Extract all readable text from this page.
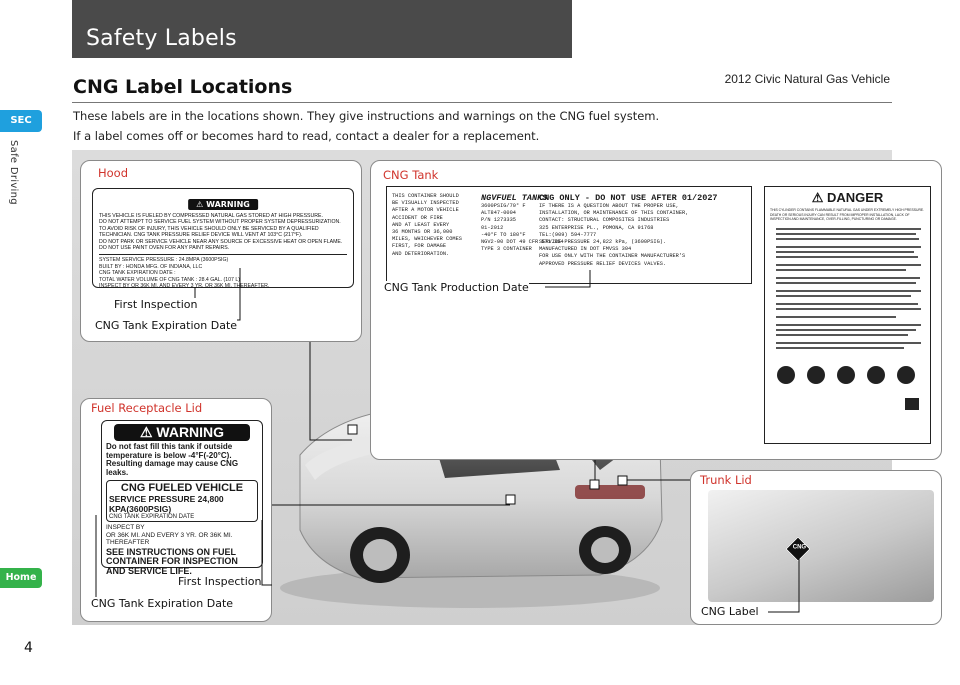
Safety Labels
2012 Civic Natural Gas Vehicle
CNG Label Locations
These labels are in the locations shown. They give instructions and warnings on the CNG fuel system.
If a label comes off or becomes hard to read, contact a dealer for a replacement.
SEC
Safe Driving
Home
4
Hood
⚠ WARNING
THIS VEHICLE IS FUELED BY COMPRESSED NATURAL GAS STORED AT HIGH PRESSURE.
DO NOT ATTEMPT TO SERVICE FUEL SYSTEM WITHOUT PROPER SYSTEM DEPRESSURIZATION.
TO AVOID RISK OF INJURY, THIS VEHICLE SHOULD ONLY BE SERVICED BY A QUALIFIED
TECHNICIAN. CNG TANK PRESSURE RELIEF DEVICE WILL VENT AT 103°C (217°F).
DO NOT PARK OR SERVICE VEHICLE NEAR ANY SOURCE OF EXCESSIVE HEAT OR OPEN FLAME.
DO NOT USE PAINT OVEN FOR ANY PAINT REPAIRS.
SYSTEM SERVICE PRESSURE : 24.8MPA (3600PSIG)
BUILT BY : HONDA MFG. OF INDIANA, LLC
CNG TANK EXPIRATION DATE :
TOTAL WATER VOLUME OF CNG TANK : 28.4 GAL. (107 L)
INSPECT BY OR 36K MI. AND EVERY 3 YR. OR 36K MI. THEREAFTER.
First Inspection
CNG Tank Expiration Date
CNG Tank
THIS CONTAINER SHOULD
BE VISUALLY INSPECTED
AFTER A MOTOR VEHICLE
ACCIDENT OR FIRE
AND AT LEAST EVERY
36 MONTHS OR 36,000
MILES, WHICHEVER COMES
FIRST, FOR DAMAGE
AND DETERIORATION.
NGVFUEL TANKS
3600PSIG/70° F
ALT847-0004
P/N 1273335
01-2012
-40°F TO 180°F
NGV2-00 DOT 49 CFR 571.304
TYPE 3 CONTAINER
CNG ONLY - DO NOT USE AFTER 01/2027
IF THERE IS A QUESTION ABOUT THE PROPER USE,
INSTALLATION, OR MAINTENANCE OF THIS CONTAINER,
CONTACT: STRUCTURAL COMPOSITES INDUSTRIES
325 ENTERPRISE PL., POMONA, CA 91768
TEL:(909) 594-7777
SERVICE PRESSURE 24,822 kPa, (3600PSIG).
MANUFACTURED IN DOT FMVSS 304
FOR USE ONLY WITH THE CONTAINER MANUFACTURER'S
APPROVED PRESSURE RELIEF DEVICES VALVES.
⚠ DANGER
THIS CYLINDER CONTAINS FLAMMABLE NATURAL GAS UNDER EXTREMELY HIGH PRESSURE. DEATH OR SERIOUS INJURY CAN RESULT FROM IMPROPER INSTALLATION, LACK OF INSPECTION AND MAINTENANCE, OVER-FILLING, PUNCTURING OR DAMAGE.
CNG Tank Production Date
Fuel Receptacle Lid
⚠ WARNING
Do not fast fill this tank if outside temperature is below -4°F(-20°C). Resulting damage may cause CNG leaks.
CNG FUELED VEHICLE
SERVICE PRESSURE 24,800 KPA(3600PSIG)
CNG TANK EXPIRATION DATE
INSPECT BY
OR 36K MI. AND EVERY 3 YR. OR 36K MI. THEREAFTER
SEE INSTRUCTIONS ON FUEL CONTAINER FOR INSPECTION AND SERVICE LIFE.
First Inspection
CNG Tank Expiration Date
Trunk Lid
CNG
CNG Label
